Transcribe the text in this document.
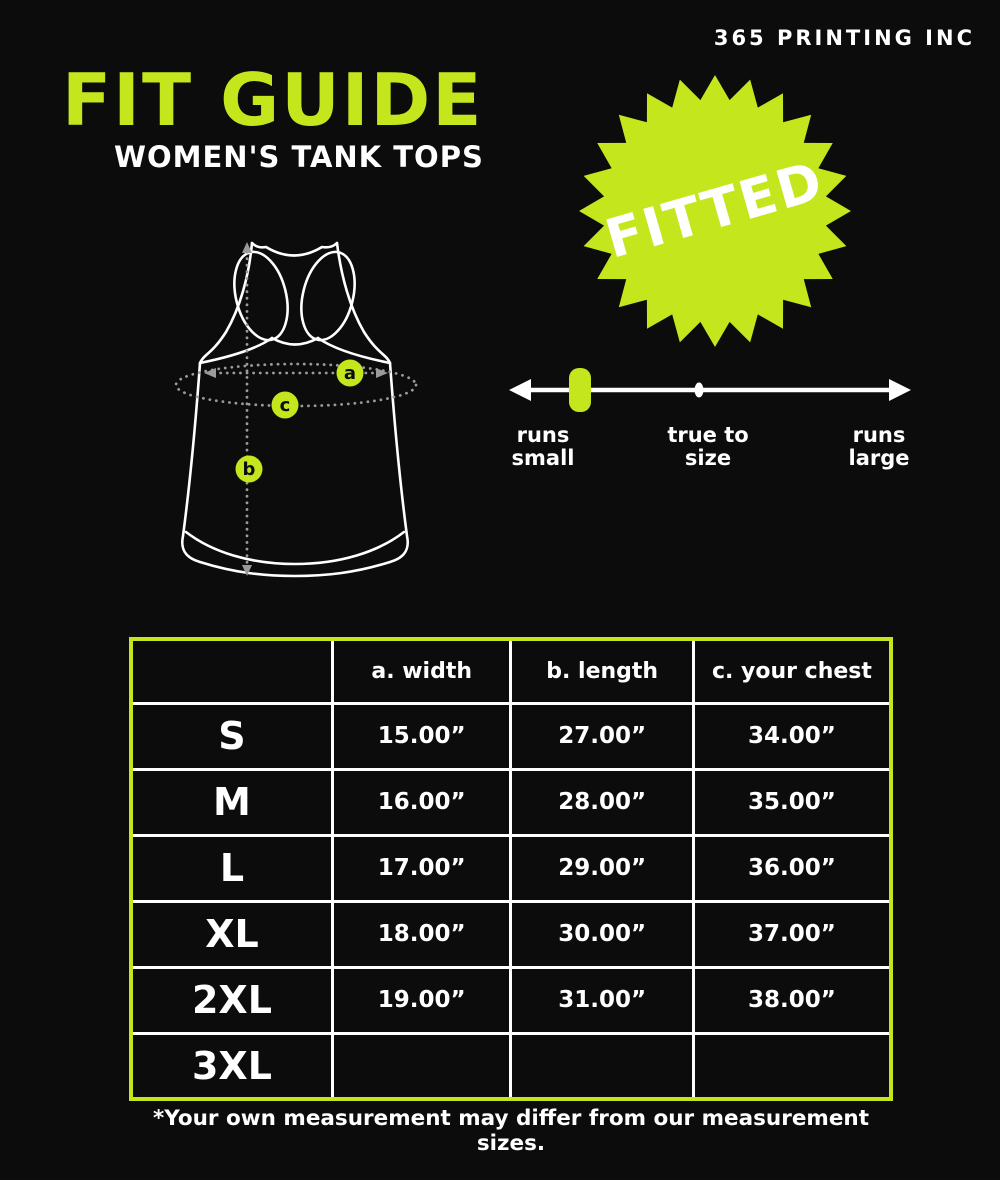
365 PRINTING INC
FIT GUIDE
WOMEN'S TANK TOPS
a
c
b
FITTED
runs
small
true to
size
runs
large
	a. width	b. length	c. your chest
S	15.00”	27.00”	34.00”
M	16.00”	28.00”	35.00”
L	17.00”	29.00”	36.00”
XL	18.00”	30.00”	37.00”
2XL	19.00”	31.00”	38.00”
3XL			
*Your own measurement may differ from our measurement sizes.
